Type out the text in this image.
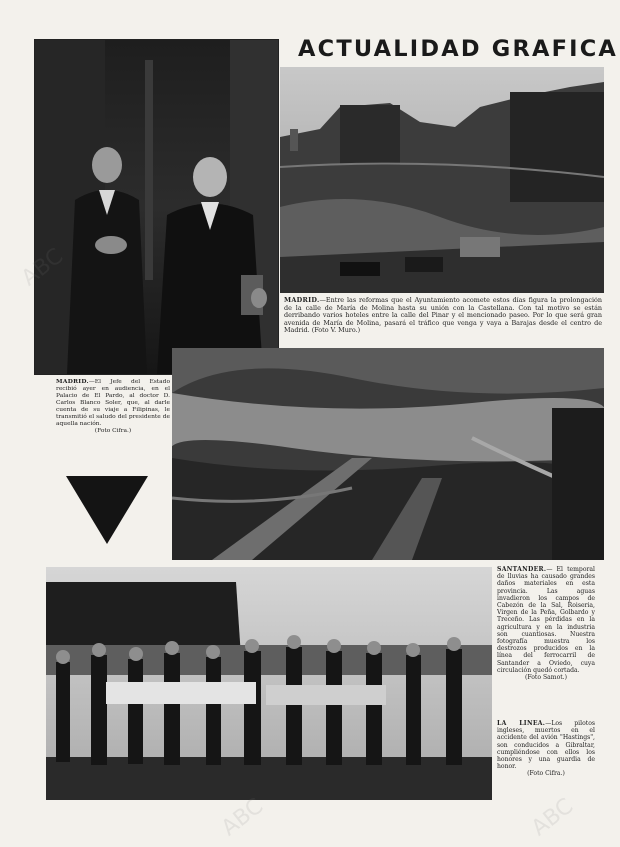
ACTUALIDAD GRAFICA
MADRID.—Entre las reformas que el Ayuntamiento acomete estos días figura la prolongación de la calle de María de Molina hasta su unión con la Castellana. Con tal motivo se están derribando varios hoteles entre la calle del Pinar y el mencionado paseo. Por lo que será gran avenida de María de Molina, pasará el tráfico que venga y vaya a Barajas desde el centro de Madrid. (Foto V. Muro.)
MADRID.—El Jefe del Estado recibió ayer en audiencia, en el Palacio de El Pardo, al doctor D. Carlos Blanco Soler, que, al darle cuenta de su viaje a Filipinas, le transmitió el saludo del presidente de aquella nación.
(Foto Cifra.)
SANTANDER.— El temporal de lluvias ha causado grandes daños materiales en esta provincia. Las aguas invadieron los campos de Cabezón de la Sal, Roiseria, Virgen de la Peña, Golbardo y Treceño. Las pérdidas en la agricultura y en la industria son cuantiosas. Nuestra fotografía muestra los destrozos producidos en la línea del ferrocarril de Santander a Oviedo, cuya circulación quedó cortada.
(Foto Samot.)
LA LINEA.—Los pilotos ingleses, muertos en el accidente del avión "Hastings", son conducidos a Gibraltar, cumpliéndose con ellos los honores y una guardia de honor.
(Foto Cifra.)
ABC	ABC
